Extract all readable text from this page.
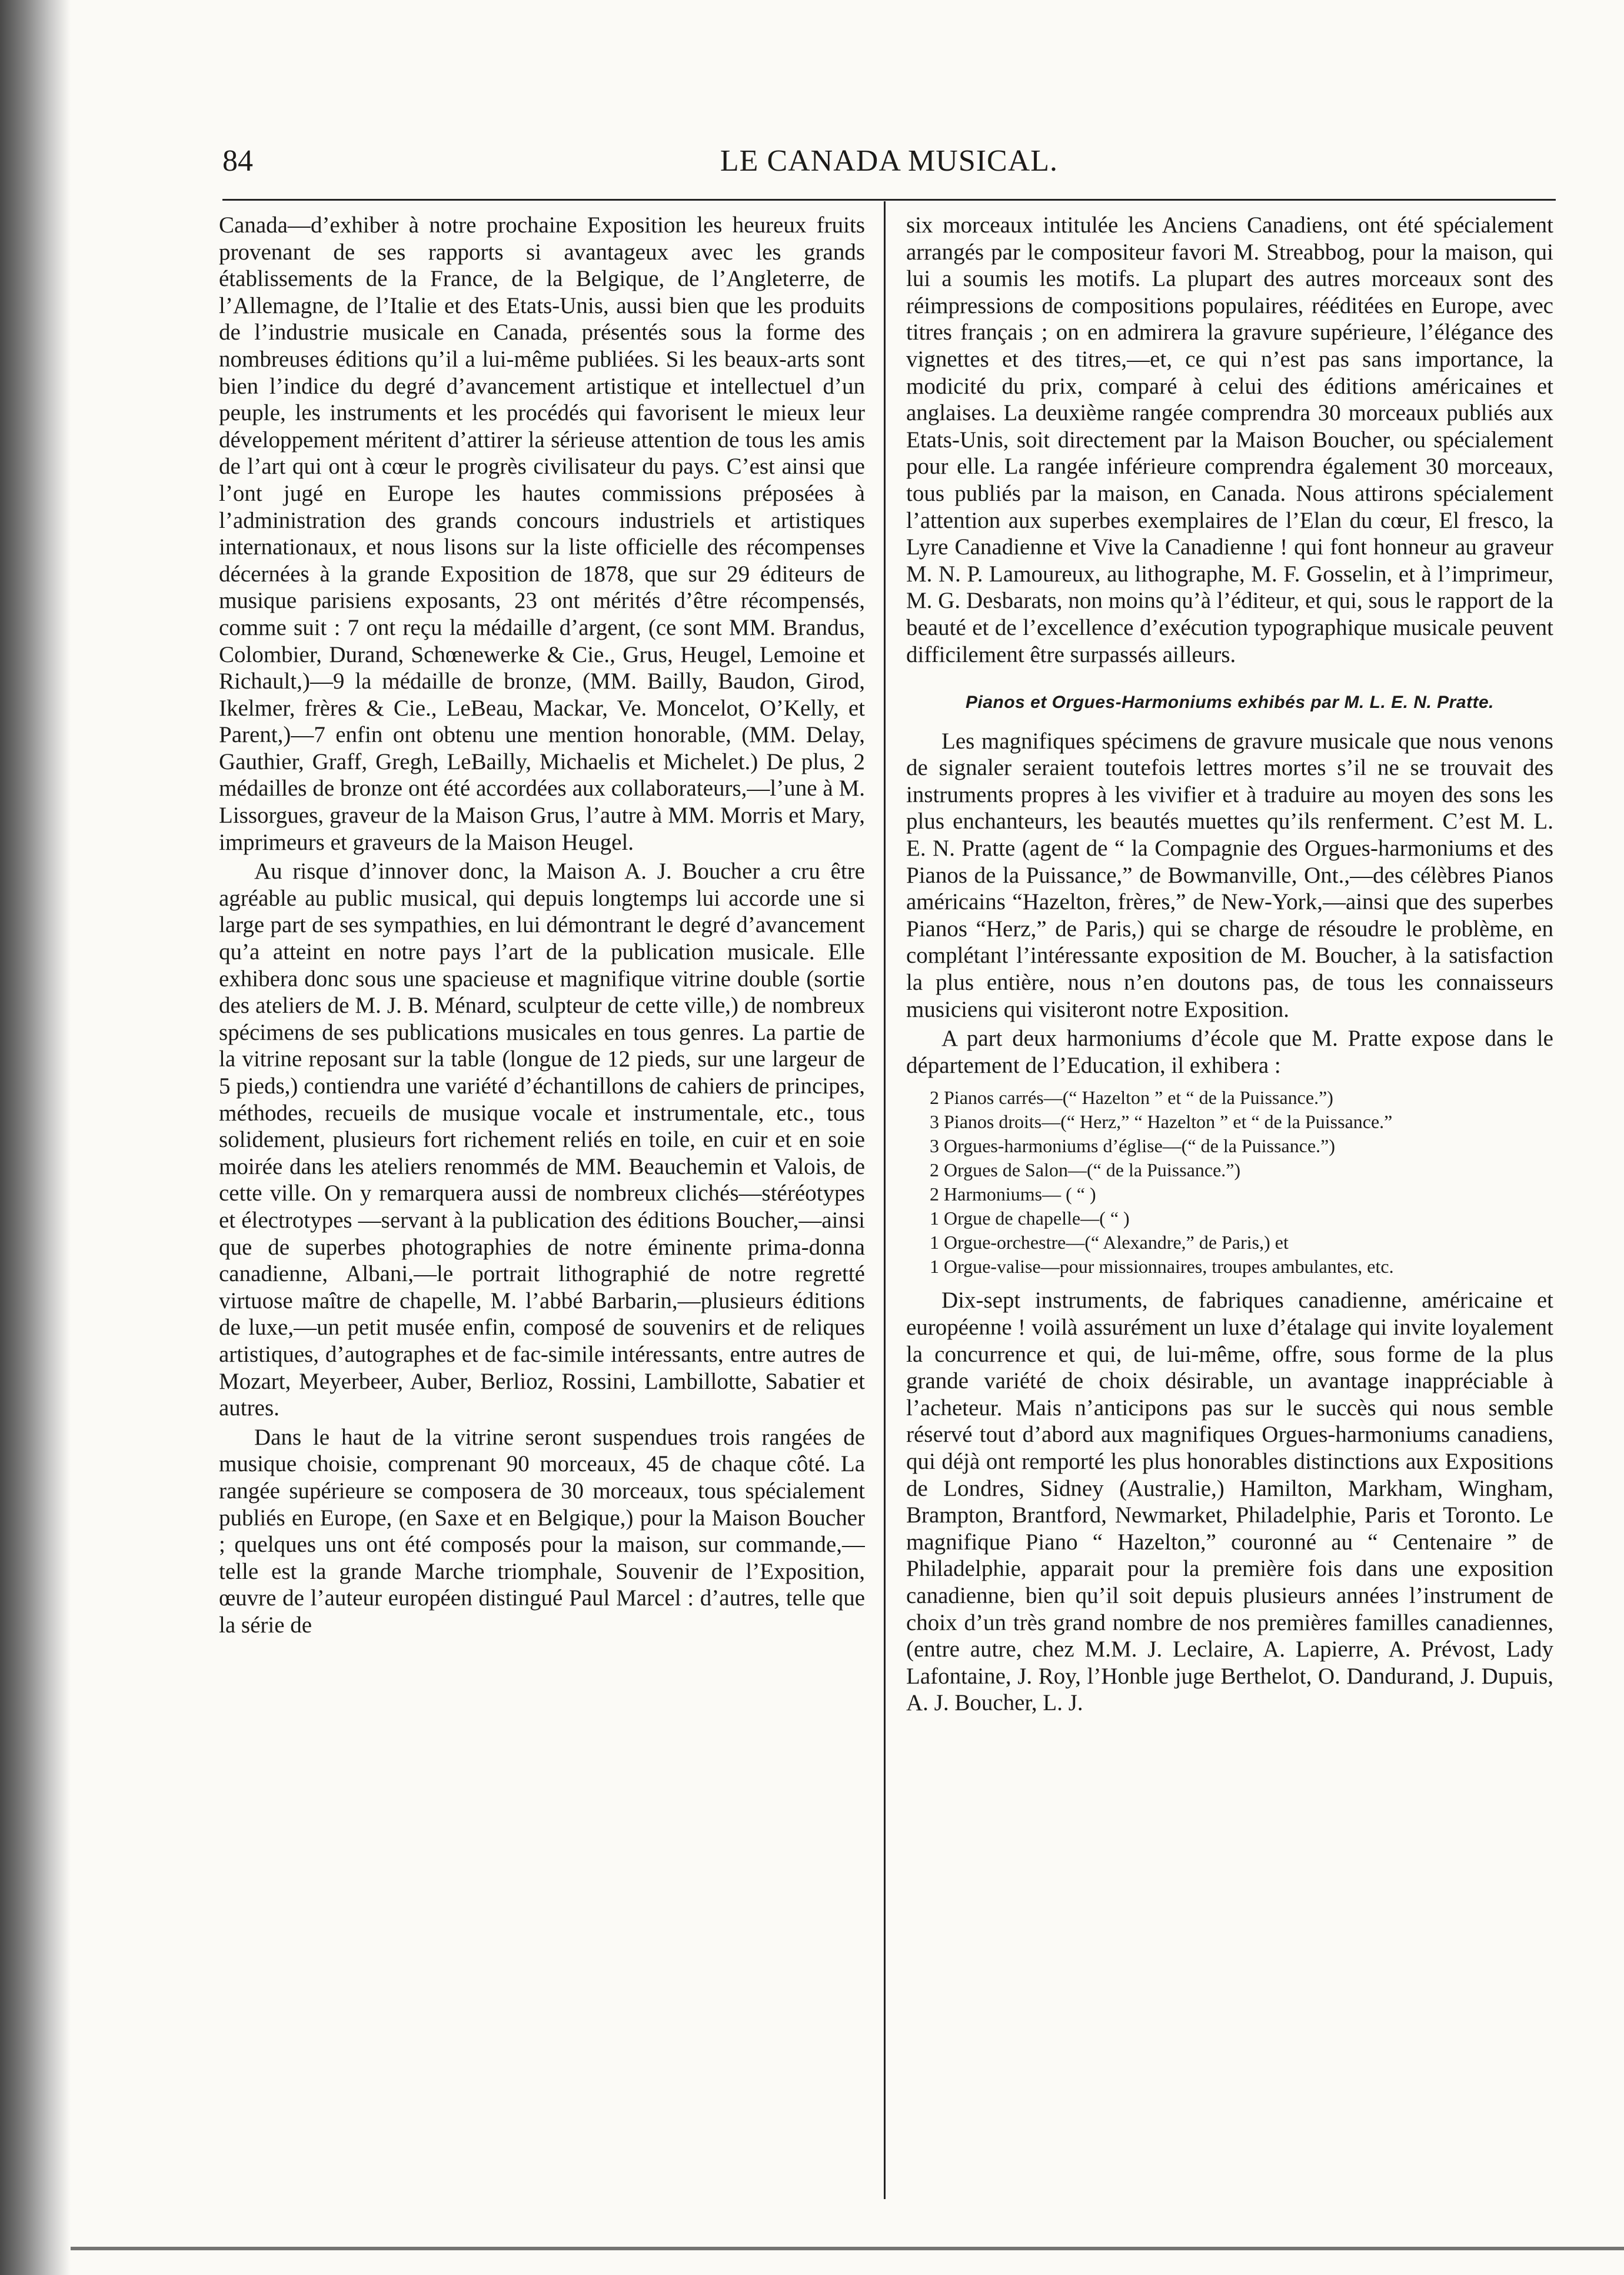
84	LE CANADA MUSICAL.

Canada—d’exhiber à notre prochaine Exposition les heureux fruits provenant de ses rapports si avantageux avec les grands établissements de la France, de la Belgique, de l’Angleterre, de l’Allemagne, de l’Italie et des Etats-Unis, aussi bien que les produits de l’industrie musicale en Canada, présentés sous la forme des nombreuses éditions qu’il a lui-même publiées. Si les beaux-arts sont bien l’indice du degré d’avancement artistique et intellectuel d’un peuple, les instruments et les procédés qui favorisent le mieux leur développement méritent d’attirer la sérieuse attention de tous les amis de l’art qui ont à cœur le progrès civilisateur du pays. C’est ainsi que l’ont jugé en Europe les hautes commissions préposées à l’administration des grands concours industriels et artistiques internationaux, et nous lisons sur la liste officielle des récompenses décernées à la grande Exposition de 1878, que sur 29 éditeurs de musique parisiens exposants, 23 ont mérités d’être récompensés, comme suit : 7 ont reçu la médaille d’argent, (ce sont MM. Brandus, Colombier, Durand, Schœnewerke & Cie., Grus, Heugel, Lemoine et Richault,)—9 la médaille de bronze, (MM. Bailly, Baudon, Girod, Ikelmer, frères & Cie., LeBeau, Mackar, Ve. Moncelot, O’Kelly, et Parent,)—7 enfin ont obtenu une mention honorable, (MM. Delay, Gauthier, Graff, Gregh, LeBailly, Michaelis et Michelet.) De plus, 2 médailles de bronze ont été accordées aux collaborateurs,—l’une à M. Lissorgues, graveur de la Maison Grus, l’autre à MM. Morris et Mary, imprimeurs et graveurs de la Maison Heugel.

Au risque d’innover donc, la Maison A. J. Boucher a cru être agréable au public musical, qui depuis longtemps lui accorde une si large part de ses sympathies, en lui démontrant le degré d’avancement qu’a atteint en notre pays l’art de la publication musicale. Elle exhibera donc sous une spacieuse et magnifique vitrine double (sortie des ateliers de M. J. B. Ménard, sculpteur de cette ville,) de nombreux spécimens de ses publications musicales en tous genres. La partie de la vitrine reposant sur la table (longue de 12 pieds, sur une largeur de 5 pieds,) contiendra une variété d’échantillons de cahiers de principes, méthodes, recueils de musique vocale et instrumentale, etc., tous solidement, plusieurs fort richement reliés en toile, en cuir et en soie moirée dans les ateliers renommés de MM. Beauchemin et Valois, de cette ville. On y remarquera aussi de nombreux clichés—stéréotypes et électrotypes —servant à la publication des éditions Boucher,—ainsi que de superbes photographies de notre éminente prima-donna canadienne, Albani,—le portrait lithographié de notre regretté virtuose maître de chapelle, M. l’abbé Barbarin,—plusieurs éditions de luxe,—un petit musée enfin, composé de souvenirs et de reliques artistiques, d’autographes et de fac-simile intéressants, entre autres de Mozart, Meyerbeer, Auber, Berlioz, Rossini, Lambillotte, Sabatier et autres.

Dans le haut de la vitrine seront suspendues trois rangées de musique choisie, comprenant 90 morceaux, 45 de chaque côté. La rangée supérieure se composera de 30 morceaux, tous spécialement publiés en Europe, (en Saxe et en Belgique,) pour la Maison Boucher ; quelques uns ont été composés pour la maison, sur commande,—telle est la grande Marche triomphale, Souvenir de l’Exposition, œuvre de l’auteur européen distingué Paul Marcel : d’autres, telle que la série de

six morceaux intitulée les Anciens Canadiens, ont été spécialement arrangés par le compositeur favori M. Streabbog, pour la maison, qui lui a soumis les motifs. La plupart des autres morceaux sont des réimpressions de compositions populaires, rééditées en Europe, avec titres français ; on en admirera la gravure supérieure, l’élégance des vignettes et des titres,—et, ce qui n’est pas sans importance, la modicité du prix, comparé à celui des éditions américaines et anglaises. La deuxième rangée comprendra 30 morceaux publiés aux Etats-Unis, soit directement par la Maison Boucher, ou spécialement pour elle. La rangée inférieure comprendra également 30 morceaux, tous publiés par la maison, en Canada. Nous attirons spécialement l’attention aux superbes exemplaires de l’Elan du cœur, El fresco, la Lyre Canadienne et Vive la Canadienne ! qui font honneur au graveur M. N. P. Lamoureux, au lithographe, M. F. Gosselin, et à l’imprimeur, M. G. Desbarats, non moins qu’à l’éditeur, et qui, sous le rapport de la beauté et de l’excellence d’exécution typographique musicale peuvent difficilement être surpassés ailleurs.

Pianos et Orgues-Harmoniums exhibés par M. L. E. N. Pratte.

Les magnifiques spécimens de gravure musicale que nous venons de signaler seraient toutefois lettres mortes s’il ne se trouvait des instruments propres à les vivifier et à traduire au moyen des sons les plus enchanteurs, les beautés muettes qu’ils renferment. C’est M. L. E. N. Pratte (agent de “ la Compagnie des Orgues-harmoniums et des Pianos de la Puissance,” de Bowmanville, Ont.,—des célèbres Pianos américains “Hazelton, frères,” de New-York,—ainsi que des superbes Pianos “Herz,” de Paris,) qui se charge de résoudre le problème, en complétant l’intéressante exposition de M. Boucher, à la satisfaction la plus entière, nous n’en doutons pas, de tous les connaisseurs musiciens qui visiteront notre Exposition.

A part deux harmoniums d’école que M. Pratte expose dans le département de l’Education, il exhibera :

2 Pianos carrés—(“ Hazelton ” et “ de la Puissance.”)
3 Pianos droits—(“ Herz,” “ Hazelton ” et “ de la Puissance.”
3 Orgues-harmoniums d’église—(“ de la Puissance.”)
2 Orgues de Salon—(“ de la Puissance.”)
2 Harmoniums— ( “ )
1 Orgue de chapelle—( “ )
1 Orgue-orchestre—(“ Alexandre,” de Paris,) et
1 Orgue-valise—pour missionnaires, troupes ambulantes, etc.

Dix-sept instruments, de fabriques canadienne, américaine et européenne ! voilà assurément un luxe d’étalage qui invite loyalement la concurrence et qui, de lui-même, offre, sous forme de la plus grande variété de choix désirable, un avantage inappréciable à l’acheteur. Mais n’anticipons pas sur le succès qui nous semble réservé tout d’abord aux magnifiques Orgues-harmoniums canadiens, qui déjà ont remporté les plus honorables distinctions aux Expositions de Londres, Sidney (Australie,) Hamilton, Markham, Wingham, Brampton, Brantford, Newmarket, Philadelphie, Paris et Toronto. Le magnifique Piano “ Hazelton,” couronné au “ Centenaire ” de Philadelphie, apparait pour la première fois dans une exposition canadienne, bien qu’il soit depuis plusieurs années l’instrument de choix d’un très grand nombre de nos premières familles canadiennes, (entre autre, chez M.M. J. Leclaire, A. Lapierre, A. Prévost, Lady Lafontaine, J. Roy, l’Honble juge Berthelot, O. Dandurand, J. Dupuis, A. J. Boucher, L. J.
